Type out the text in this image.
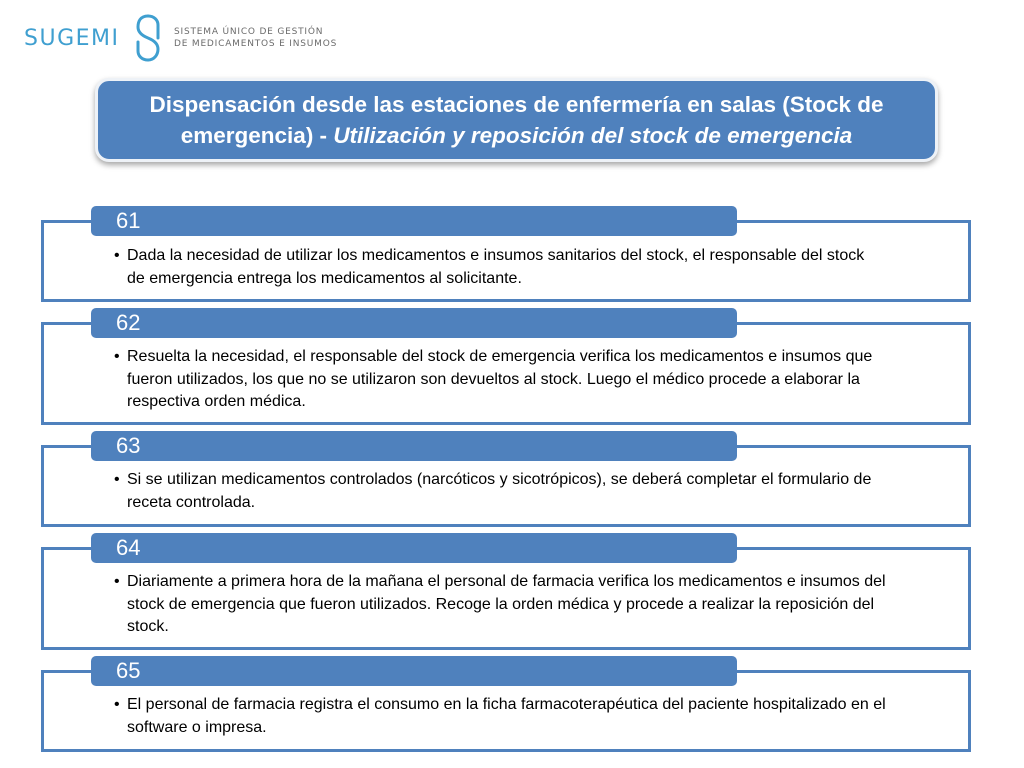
SUGEMI	SISTEMA ÚNICO DE GESTIÓN
DE MEDICAMENTOS E INSUMOS
Dispensación desde las estaciones de enfermería en salas (Stock de
emergencia) - Utilización y reposición del stock de emergencia
61
• Dada la necesidad de utilizar los medicamentos e insumos sanitarios del stock, el responsable del stock de emergencia entrega los medicamentos al solicitante.
62
• Resuelta la necesidad, el responsable del stock de emergencia verifica los medicamentos e insumos que fueron utilizados, los que no se utilizaron son devueltos al stock. Luego el médico procede a elaborar la respectiva orden médica.
63
• Si se utilizan medicamentos controlados (narcóticos y sicotrópicos), se deberá completar el formulario de receta controlada.
64
• Diariamente a primera hora de la mañana el personal de farmacia verifica los medicamentos e insumos del stock de emergencia que fueron utilizados. Recoge la orden médica y procede a realizar la reposición del stock.
65
• El personal de farmacia registra el consumo en la ficha farmacoterapéutica del paciente hospitalizado en el software o impresa.
